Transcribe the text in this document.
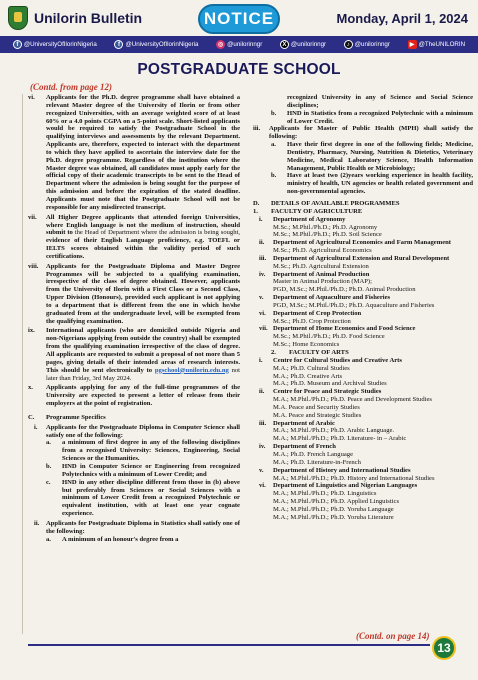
Unilorin Bulletin	NOTICE	Monday, April 1, 2024
f @UniversityOfIlorinNigeria	f @UniversityOfIlorinNigeria	◎ @unilorinngr	X @unilorinngr	♪ @unilorinngr	▶ @TheUNILORIN
POSTGRADUATE SCHOOL
(Contd. from page 12)
vi.	Applicants for the Ph.D. degree programme shall have obtained a relevant Master degree of the University of Ilorin or from other recognized Universities, with an average weighted score of at least 60% or a 4.0 points CGPA on a 5-point scale. Short-listed applicants would be required to satisfy the Postgraduate School in the qualifying interviews and assessments by the relevant Department. Applicants are, therefore, expected to interact with the department to which they have applied to ascertain the interview date for the Ph.D. degree programme. Regardless of the institution where the Master degree was obtained, all candidates must apply early for the official copy of their academic transcripts to be sent to the Head of Department where the admission is being sought for the purpose of this admission and before the expiration of the stated deadline. Applicants must note that the Postgraduate School will not be responsible for any misdirected transcript.
vii.	All Higher Degree applicants that attended foreign Universities, where English language is not the medium of instruction, should submit to the Head of Department where the admission is being sought, evidence of their English Language proficiency, e.g. TOEFL or IELTS scores obtained within the validity period of such certifications.
viii.	Applicants for the Postgraduate Diploma and Master Degree Programmes will be subjected to a qualifying examination, irrespective of the class of degree obtained. However, applicants from the University of Ilorin with a First Class or a Second Class, Upper Division (Honours), provided such applicant is not applying to a department that is different from the one in which he/she graduated from at the undergraduate level, will be exempted from the qualifying examination.
ix.	International applicants (who are domiciled outside Nigeria and non-Nigerians applying from outside the country) shall be exempted from the qualifying examination irrespective of the class of degree. All applicants are requested to submit a proposal of not more than 5 pages, giving details of their intended areas of research interests. This should be sent electronically to pgschool@unilorin.edu.ng not later than Friday, 3rd May 2024.
x.	Applicants applying for any of the full-time programmes of the University are expected to present a letter of release from their employers at the point of registration.
C.	Programme Specifics
i.	Applicants for the Postgraduate Diploma in Computer Science shall satisfy one of the following:
a.	a minimum of first degree in any of the following disciplines from a recognised University: Sciences, Engineering, Social Sciences or the Humanities.
b.	HND in Computer Science or Engineering from recognized Polytechnics with a minimum of Lower Credit; and
c.	HND in any other discipline different from those in (b) above but preferably from Sciences or Social Sciences with a minimum of Lower Credit from a recognized Polytechnic or equivalent institution, with at least one year cognate experience.
ii.	Applicants for Postgraduate Diploma in Statistics shall satisfy one of the following:
a.	A minimum of an honour's degree from a
recognized University in any of Science and Social Science disciplines;
b.	HND in Statistics from a recognized Polytechnic with a minimum of Lower Credit.
iii.	Applicants for Master of Public Health (MPH) shall satisfy the following:
a.	Have their first degree in one of the following fields; Medicine, Dentistry, Pharmacy, Nursing, Nutrition & Dietetics, Veterinary Medicine, Medical Laboratory Science, Health Information Management, Public Health or Microbiology;
b.	Have at least two (2)years working experience in health facility, ministry of health, UN agencies or health related government and non-governmental agencies.
D.	DETAILS OF AVAILABLE PROGRAMMES
1.	FACULTY OF AGRICULTURE
i.	Department of Agronomy
M.Sc.; M.Phil./Ph.D.; Ph.D. Agronomy
M.Sc.; M.Phil./Ph.D.; Ph.D. Soil Science
ii.	Department of Agricultural Economics and Farm Management
M.Sc.; Ph.D. Agricultural Economics
iii.	Department of Agricultural Extension and Rural Development
M.Sc.; Ph.D. Agricultural Extension
iv.	Department of Animal Production
Master in Animal Production (MAP);
PGD, M.Sc.; M.Phil./Ph.D.; Ph.D. Animal Production
v.	Department of Aquaculture and Fisheries
PGD, M.Sc.; M.Phil./Ph.D.; Ph.D. Aquaculture and Fisheries
vi.	Department of Crop Protection
M.Sc.; Ph.D. Crop Protection
vii. Department of Home Economics and Food Science
M.Sc.; M.Phil./Ph.D.; Ph.D. Food Science
M.Sc.; Home Economics
2.	FACULTY OF ARTS
i.	Centre for Cultural Studies and Creative Arts
M.A.; Ph.D. Cultural Studies
M.A.; Ph.D. Creative Arts
M.A.; Ph.D. Museum and Archival Studies
ii.	Centre for Peace and Strategic Studies
M.A.; M.Phil./Ph.D.; Ph.D. Peace and Development Studies
M.A. Peace and Security Studies
M.A. Peace and Strategic Studies
iii.	Department of Arabic
M.A.; M.Phil./Ph.D.; Ph.D. Arabic Language.
M.A.; M.Phil./Ph.D.; Ph.D. Literature- in – Arabic
iv.	Department of French
M.A.; Ph.D. French Language
M.A.; Ph.D. Literature-in-French
v.	Department of History and International Studies
M.A.; M.Phil./Ph.D.; Ph.D. History and International Studies
vi.	Department of Linguistics and Nigerian Languages
M.A.; M.Phil./Ph.D.; Ph.D. Linguistics
M.A.; M.Phil./Ph.D.; Ph.D. Applied Linguistics
M.A.; M.Phil./Ph.D.; Ph.D. Yoruba Language
M.A.; M.Phil./Ph.D.; Ph.D. Yoruba Literature
(Contd. on page 14)
13
